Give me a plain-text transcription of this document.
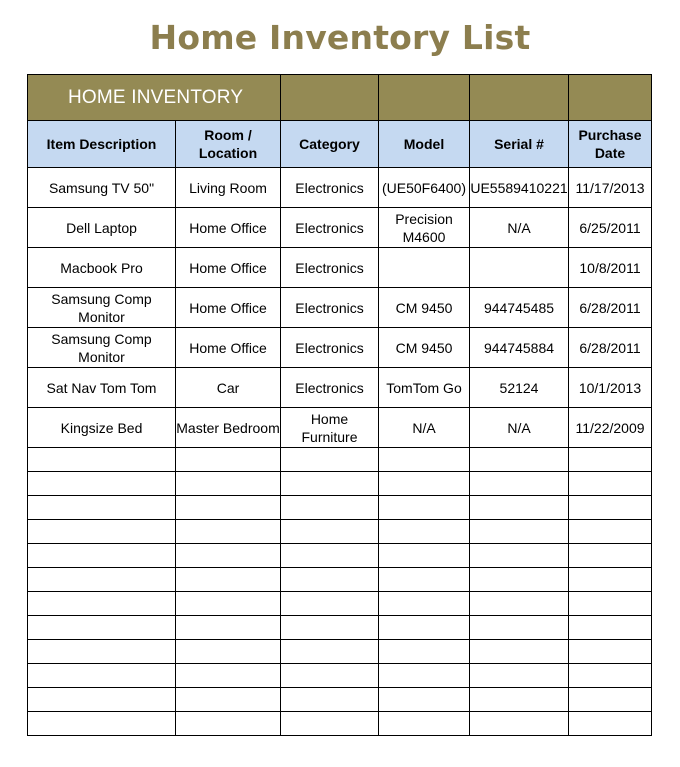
Home Inventory List
HOME INVENTORY					
Item Description	Room / Location	Category	Model	Serial #	Purchase Date
Samsung TV 50"	Living Room	Electronics	(UE50F6400)	UE5589410221	11/17/2013
Dell Laptop	Home Office	Electronics	Precision M4600	N/A	6/25/2011
Macbook Pro	Home Office	Electronics			10/8/2011
Samsung Comp Monitor	Home Office	Electronics	CM 9450	944745485	6/28/2011
Samsung Comp Monitor	Home Office	Electronics	CM 9450	944745884	6/28/2011
Sat Nav Tom Tom	Car	Electronics	TomTom Go	52124	10/1/2013
Kingsize Bed	Master Bedroom	Home Furniture	N/A	N/A	11/22/2009
